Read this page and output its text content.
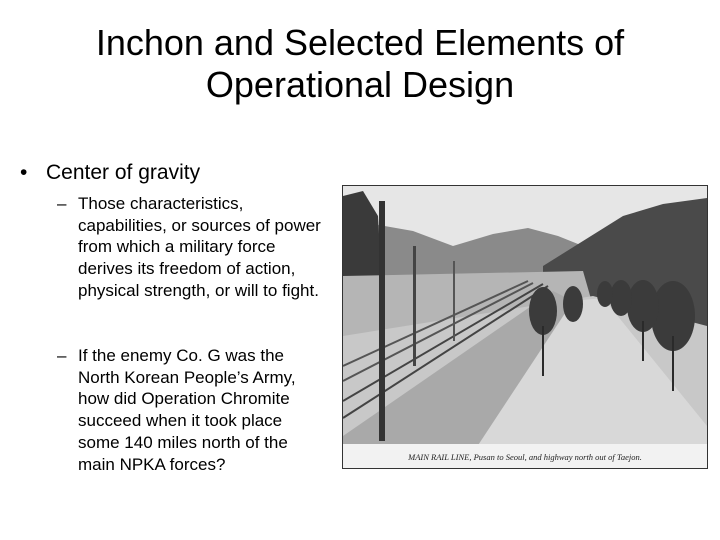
Inchon and Selected Elements of
Operational Design
• Center of gravity
– Those characteristics, capabilities, or sources of power from which a military force derives its freedom of action, physical strength, or will to fight.
– If the enemy Co. G was the North Korean People’s Army, how did Operation Chromite succeed when it took place some 140 miles north of the main NPKA forces?	MAIN RAIL LINE, Pusan to Seoul, and highway north out of Taejon.
